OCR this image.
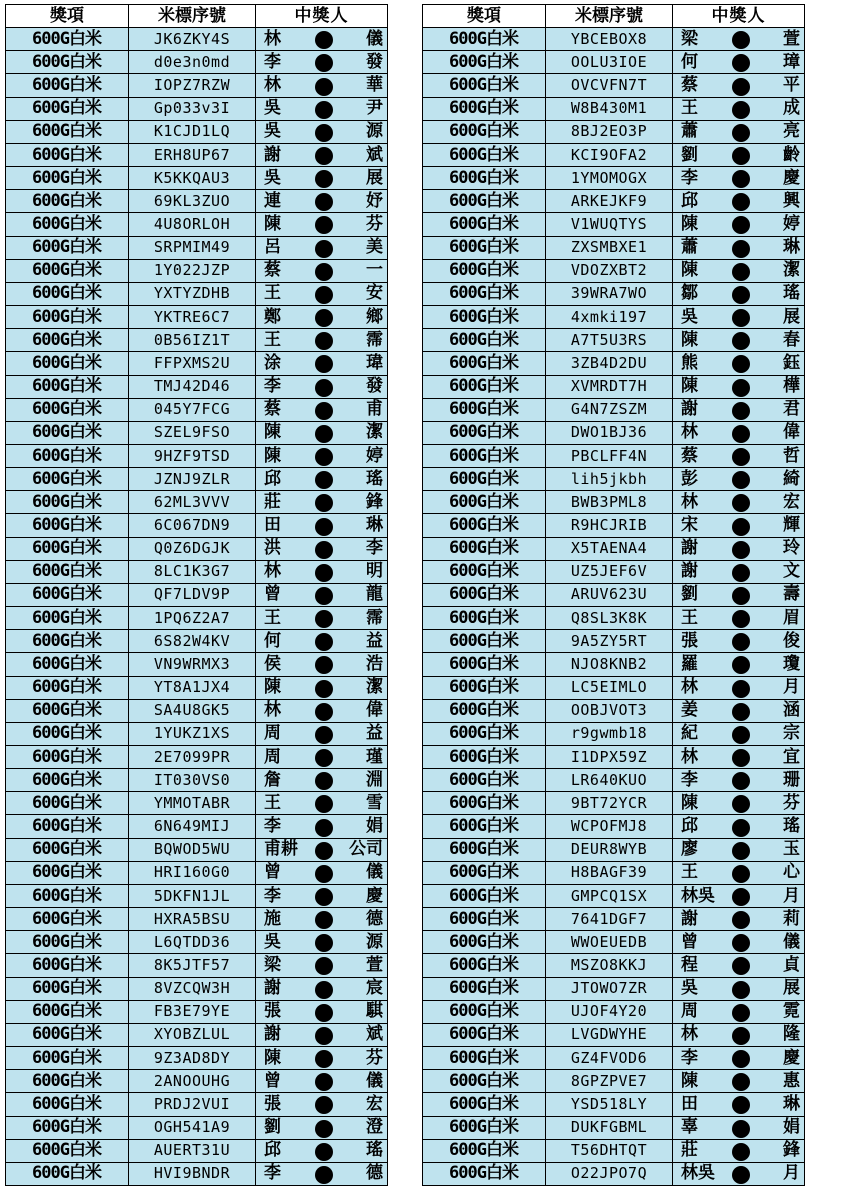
獎項	米標序號	中獎人		
600G白米	JK6ZKY4S	林		儀
600G白米	d0e3n0md	李		發
600G白米	IOPZ7RZW	林		華
600G白米	Gp033v3I	吳		尹
600G白米	K1CJD1LQ	吳		源
600G白米	ERH8UP67	謝		斌
600G白米	K5KKQAU3	吳		展
600G白米	69KL3ZUO	連		妤
600G白米	4U8ORLOH	陳		芬
600G白米	SRPMIM49	呂		美
600G白米	1Y022JZP	蔡		一
600G白米	YXTYZDHB	王		安
600G白米	YKTRE6C7	鄭		鄉
600G白米	0B56IZ1T	王		霈
600G白米	FFPXMS2U	涂		瑋
600G白米	TMJ42D46	李		發
600G白米	045Y7FCG	蔡		甫
600G白米	SZEL9FSO	陳		潔
600G白米	9HZF9TSD	陳		婷
600G白米	JZNJ9ZLR	邱		瑤
600G白米	62ML3VVV	莊		鋒
600G白米	6C067DN9	田		琳
600G白米	Q0Z6DGJK	洪		李
600G白米	8LC1K3G7	林		明
600G白米	QF7LDV9P	曾		龍
600G白米	1PQ6Z2A7	王		霈
600G白米	6S82W4KV	何		益
600G白米	VN9WRMX3	侯		浩
600G白米	YT8A1JX4	陳		潔
600G白米	SA4U8GK5	林		偉
600G白米	1YUKZ1XS	周		益
600G白米	2E7099PR	周		瑾
600G白米	IT030VS0	詹		淵
600G白米	YMMOTABR	王		雪
600G白米	6N649MIJ	李		娟
600G白米	BQWOD5WU	甫耕		公司
600G白米	HRI160G0	曾		儀
600G白米	5DKFN1JL	李		慶
600G白米	HXRA5BSU	施		德
600G白米	L6QTDD36	吳		源
600G白米	8K5JTF57	梁		萱
600G白米	8VZCQW3H	謝		宸
600G白米	FB3E79YE	張		騏
600G白米	XYOBZLUL	謝		斌
600G白米	9Z3AD8DY	陳		芬
600G白米	2ANOOUHG	曾		儀
600G白米	PRDJ2VUI	張		宏
600G白米	OGH541A9	劉		澄
600G白米	AUERT31U	邱		瑤
600G白米	HVI9BNDR	李		德
獎項	米標序號	中獎人		
600G白米	YBCEBOX8	梁		萱
600G白米	OOLU3IOE	何		璋
600G白米	OVCVFN7T	蔡		平
600G白米	W8B430M1	王		成
600G白米	8BJ2EO3P	蕭		亮
600G白米	KCI9OFA2	劉		齡
600G白米	1YMOMOGX	李		慶
600G白米	ARKEJKF9	邱		興
600G白米	V1WUQTYS	陳		婷
600G白米	ZXSMBXE1	蕭		琳
600G白米	VDOZXBT2	陳		潔
600G白米	39WRA7WO	鄒		瑤
600G白米	4xmki197	吳		展
600G白米	A7T5U3RS	陳		春
600G白米	3ZB4D2DU	熊		鈺
600G白米	XVMRDT7H	陳		樺
600G白米	G4N7ZSZM	謝		君
600G白米	DWO1BJ36	林		偉
600G白米	PBCLFF4N	蔡		哲
600G白米	lih5jkbh	彭		綺
600G白米	BWB3PML8	林		宏
600G白米	R9HCJRIB	宋		輝
600G白米	X5TAENA4	謝		玲
600G白米	UZ5JEF6V	謝		文
600G白米	ARUV623U	劉		壽
600G白米	Q8SL3K8K	王		眉
600G白米	9A5ZY5RT	張		俊
600G白米	NJO8KNB2	羅		瓊
600G白米	LC5EIMLO	林		月
600G白米	OOBJVOT3	姜		涵
600G白米	r9gwmb18	紀		宗
600G白米	I1DPX59Z	林		宜
600G白米	LR640KUO	李		珊
600G白米	9BT72YCR	陳		芬
600G白米	WCPOFMJ8	邱		瑤
600G白米	DEUR8WYB	廖		玉
600G白米	H8BAGF39	王		心
600G白米	GMPCQ1SX	林吳		月
600G白米	7641DGF7	謝		莉
600G白米	WWOEUEDB	曾		儀
600G白米	MSZO8KKJ	程		貞
600G白米	JTOWO7ZR	吳		展
600G白米	UJOF4Y20	周		霓
600G白米	LVGDWYHE	林		隆
600G白米	GZ4FVOD6	李		慶
600G白米	8GPZPVE7	陳		惠
600G白米	YSD518LY	田		琳
600G白米	DUKFGBML	辜		娟
600G白米	T56DHTQT	莊		鋒
600G白米	O22JPO7Q	林吳		月
